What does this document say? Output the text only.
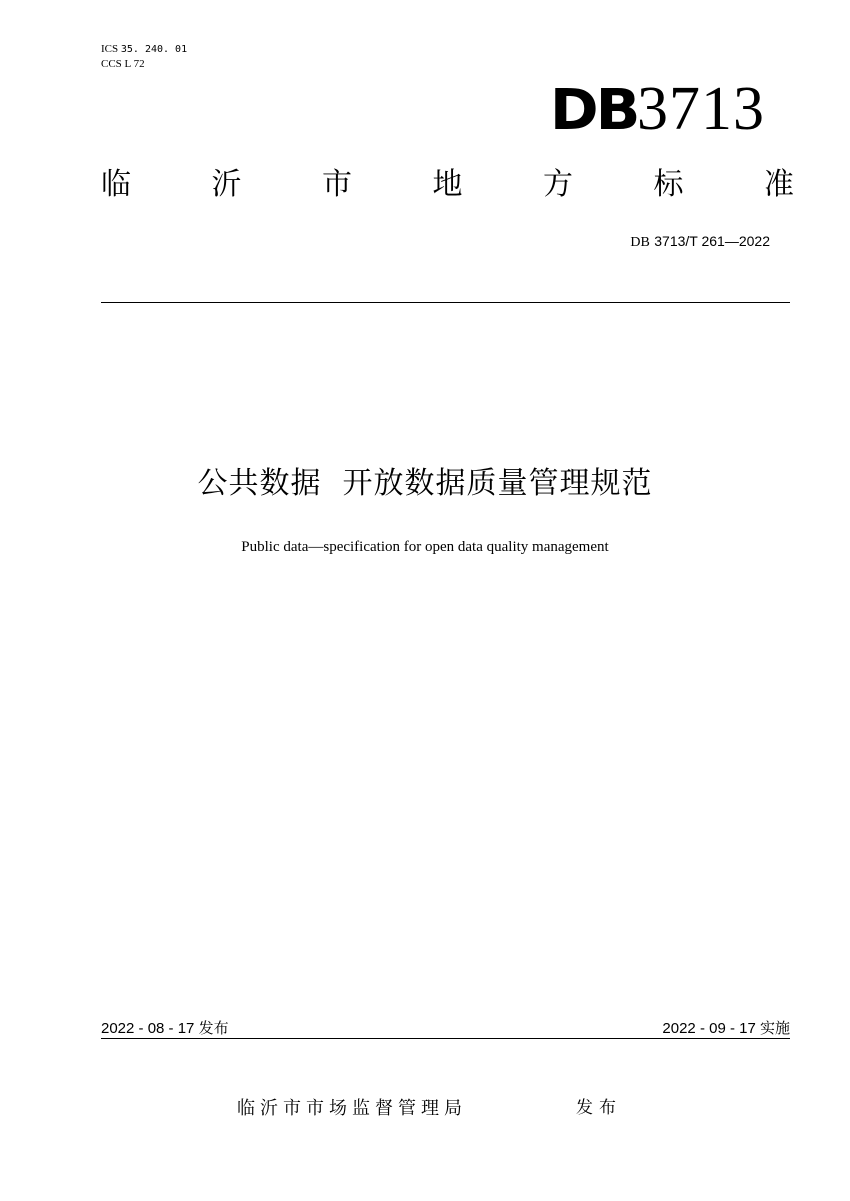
ICS 35. 240. 01
CCS L 72
DB3713
临	沂	市	地	方	标	准
DB 3713/T 261—2022
公共数据  开放数据质量管理规范
Public data—specification for open data quality management
2022 - 08 - 17 发布	2022 - 09 - 17 实施
临沂市市场监督管理局	发布
